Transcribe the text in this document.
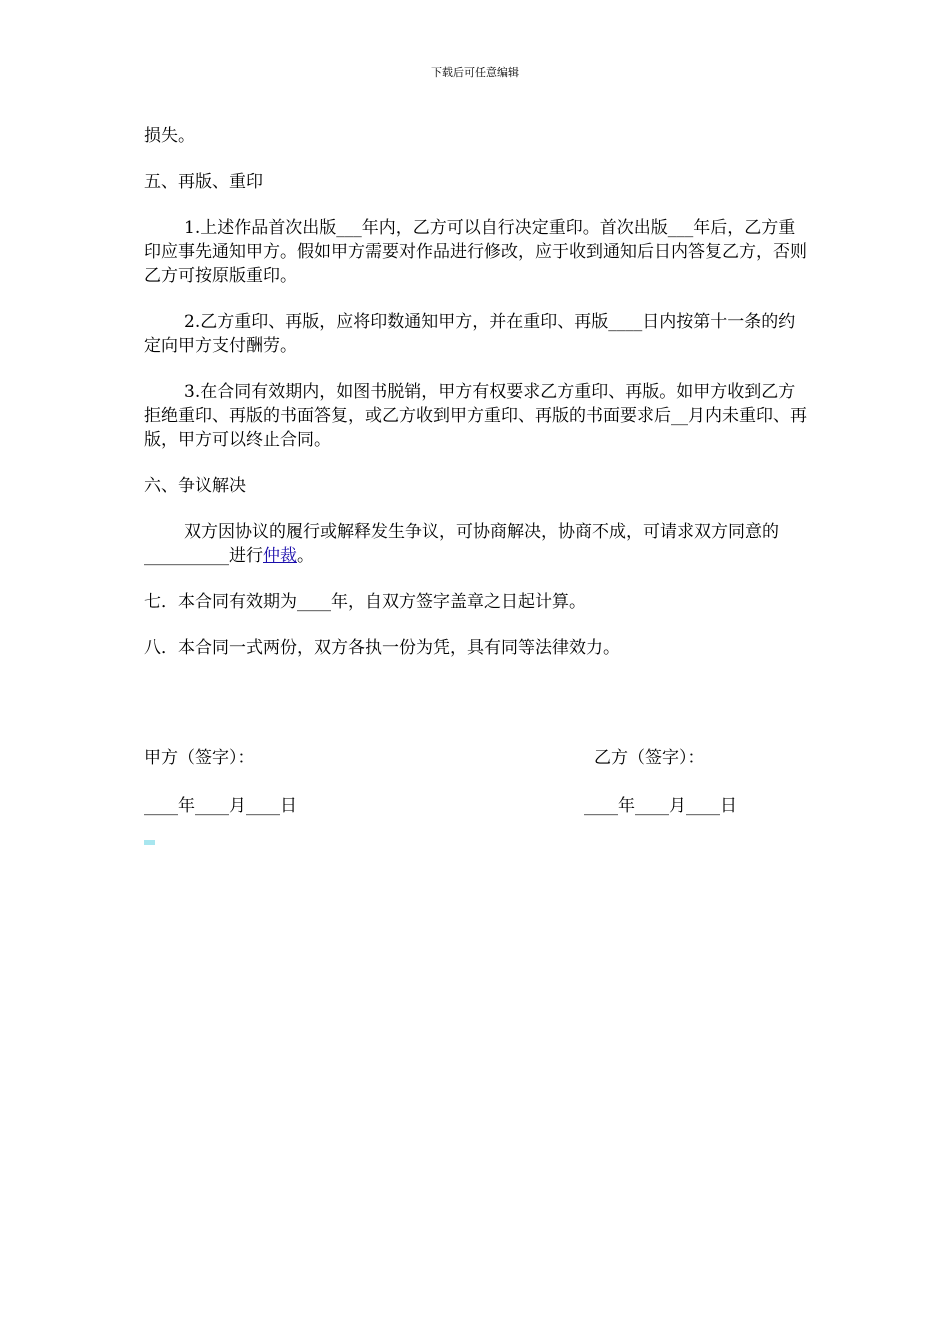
下载后可任意编辑

损失。

五、再版、重印

1.上述作品首次出版___年内，乙方可以自行决定重印。首次出版___年后，乙方重印应事先通知甲方。假如甲方需要对作品进行修改，应于收到通知后日内答复乙方，否则乙方可按原版重印。

2.乙方重印、再版，应将印数通知甲方，并在重印、再版____日内按第十一条的约定向甲方支付酬劳。

3.在合同有效期内，如图书脱销，甲方有权要求乙方重印、再版。如甲方收到乙方拒绝重印、再版的书面答复，或乙方收到甲方重印、再版的书面要求后__月内未重印、再版，甲方可以终止合同。

六、争议解决

双方因协议的履行或解释发生争议，可协商解决，协商不成，可请求双方同意的__________进行仲裁。

七．本合同有效期为____年，自双方签字盖章之日起计算。

八．本合同一式两份，双方各执一份为凭，具有同等法律效力。

甲方（签字）：	乙方（签字）：
____年____月____日	____年____月____日
